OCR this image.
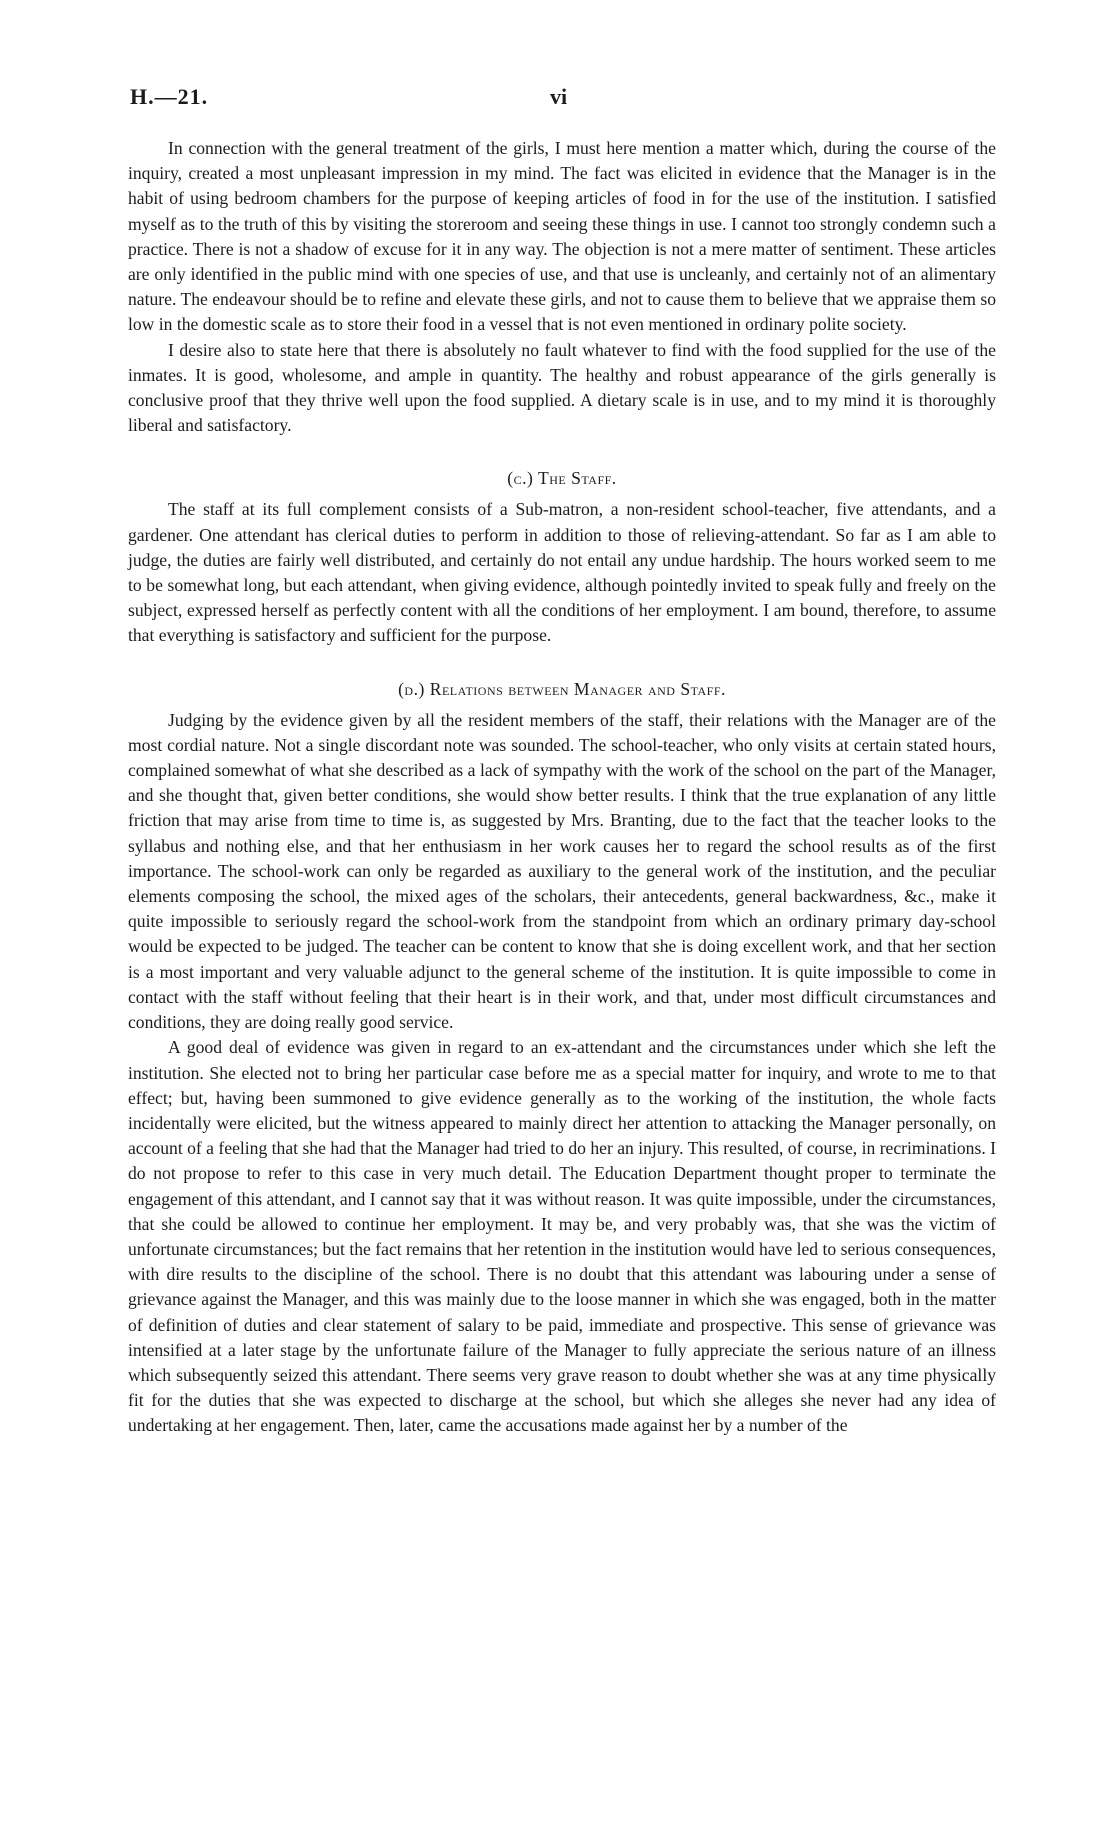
H.—21.	vi

In connection with the general treatment of the girls, I must here mention a matter which, during the course of the inquiry, created a most unpleasant impression in my mind. The fact was elicited in evidence that the Manager is in the habit of using bedroom chambers for the purpose of keeping articles of food in for the use of the institution. I satisfied myself as to the truth of this by visiting the storeroom and seeing these things in use. I cannot too strongly condemn such a practice. There is not a shadow of excuse for it in any way. The objection is not a mere matter of sentiment. These articles are only identified in the public mind with one species of use, and that use is uncleanly, and certainly not of an alimentary nature. The endeavour should be to refine and elevate these girls, and not to cause them to believe that we appraise them so low in the domestic scale as to store their food in a vessel that is not even mentioned in ordinary polite society.

I desire also to state here that there is absolutely no fault whatever to find with the food supplied for the use of the inmates. It is good, wholesome, and ample in quantity. The healthy and robust appearance of the girls generally is conclusive proof that they thrive well upon the food supplied. A dietary scale is in use, and to my mind it is thoroughly liberal and satisfactory.

(c.) The Staff.

The staff at its full complement consists of a Sub-matron, a non-resident school-teacher, five attendants, and a gardener. One attendant has clerical duties to perform in addition to those of relieving-attendant. So far as I am able to judge, the duties are fairly well distributed, and certainly do not entail any undue hardship. The hours worked seem to me to be somewhat long, but each attendant, when giving evidence, although pointedly invited to speak fully and freely on the subject, expressed herself as perfectly content with all the conditions of her employment. I am bound, therefore, to assume that everything is satisfactory and sufficient for the purpose.

(d.) Relations between Manager and Staff.

Judging by the evidence given by all the resident members of the staff, their relations with the Manager are of the most cordial nature. Not a single discordant note was sounded. The school-teacher, who only visits at certain stated hours, complained somewhat of what she described as a lack of sympathy with the work of the school on the part of the Manager, and she thought that, given better conditions, she would show better results. I think that the true explanation of any little friction that may arise from time to time is, as suggested by Mrs. Branting, due to the fact that the teacher looks to the syllabus and nothing else, and that her enthusiasm in her work causes her to regard the school results as of the first importance. The school-work can only be regarded as auxiliary to the general work of the institution, and the peculiar elements composing the school, the mixed ages of the scholars, their antecedents, general backwardness, &c., make it quite impossible to seriously regard the school-work from the standpoint from which an ordinary primary day-school would be expected to be judged. The teacher can be content to know that she is doing excellent work, and that her section is a most important and very valuable adjunct to the general scheme of the institution. It is quite impossible to come in contact with the staff without feeling that their heart is in their work, and that, under most difficult circumstances and conditions, they are doing really good service.

A good deal of evidence was given in regard to an ex-attendant and the circumstances under which she left the institution. She elected not to bring her particular case before me as a special matter for inquiry, and wrote to me to that effect; but, having been summoned to give evidence generally as to the working of the institution, the whole facts incidentally were elicited, but the witness appeared to mainly direct her attention to attacking the Manager personally, on account of a feeling that she had that the Manager had tried to do her an injury. This resulted, of course, in recriminations. I do not propose to refer to this case in very much detail. The Education Department thought proper to terminate the engagement of this attendant, and I cannot say that it was without reason. It was quite impossible, under the circumstances, that she could be allowed to continue her employment. It may be, and very probably was, that she was the victim of unfortunate circumstances; but the fact remains that her retention in the institution would have led to serious consequences, with dire results to the discipline of the school. There is no doubt that this attendant was labouring under a sense of grievance against the Manager, and this was mainly due to the loose manner in which she was engaged, both in the matter of definition of duties and clear statement of salary to be paid, immediate and prospective. This sense of grievance was intensified at a later stage by the unfortunate failure of the Manager to fully appreciate the serious nature of an illness which subsequently seized this attendant. There seems very grave reason to doubt whether she was at any time physically fit for the duties that she was expected to discharge at the school, but which she alleges she never had any idea of undertaking at her engagement. Then, later, came the accusations made against her by a number of the
